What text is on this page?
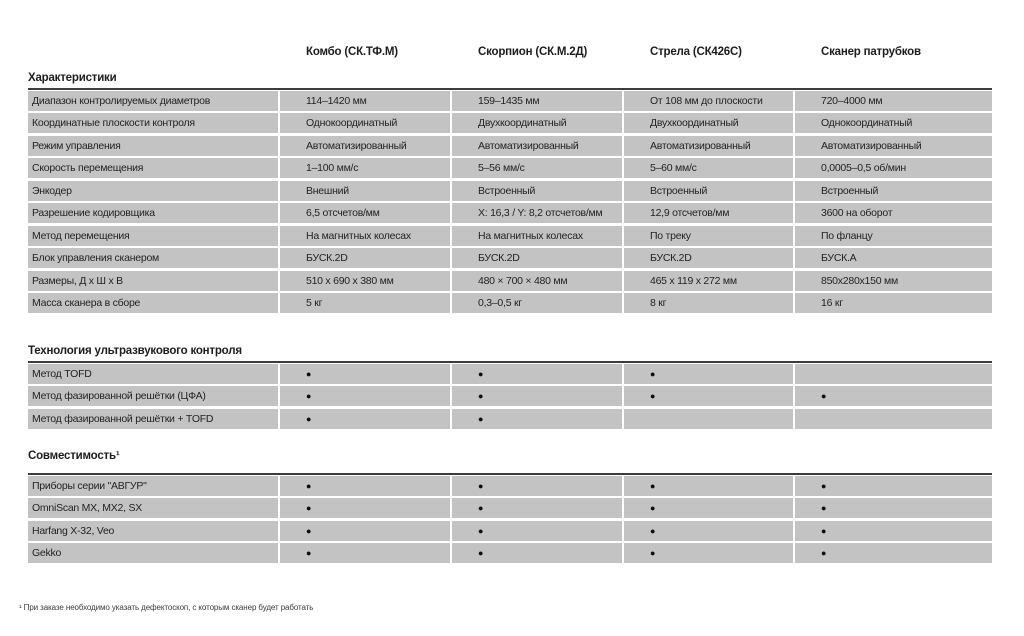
Комбо (СК.ТФ.М)	Скорпион (СК.М.2Д)	Стрела (СК426С)	Сканер патрубков
Характеристики
Диапазон контролируемых диаметров	114–1420 мм	159–1435 мм	От 108 мм до плоскости	720–4000 мм
Координатные плоскости контроля	Однокоординатный	Двухкоординатный	Двухкоординатный	Однокоординатный
Режим управления	Автоматизированный	Автоматизированный	Автоматизированный	Автоматизированный
Скорость перемещения	1–100 мм/с	5–56 мм/с	5–60 мм/с	0,0005–0,5 об/мин
Энкодер	Внешний	Встроенный	Встроенный	Встроенный
Разрешение кодировщика	6,5 отсчетов/мм	X: 16,3 / Y: 8,2 отсчетов/мм	12,9 отсчетов/мм	3600 на оборот
Метод перемещения	На магнитных колесах	На магнитных колесах	По треку	По фланцу
Блок управления сканером	БУСК.2D	БУСК.2D	БУСК.2D	БУСК.А
Размеры, Д х Ш х В	510 x 690 x 380 мм	480 × 700 × 480 мм	465 x 119 x 272 мм	850x280x150 мм
Масса сканера в сборе	5 кг	0,3–0,5 кг	8 кг	16 кг
Технология ультразвукового контроля
Метод TOFD	●	●	●
Метод фазированной решётки (ЦФА)	●	●	●	●
Метод фазированной решётки + TOFD	●	●
Совместимость¹
Приборы серии "АВГУР"	●	●	●	●
OmniScan MX, MX2, SX	●	●	●	●
Harfang X-32, Veo	●	●	●	●
Gekko	●	●	●	●
¹ При заказе необходимо указать дефектоскоп, с которым сканер будет работать
